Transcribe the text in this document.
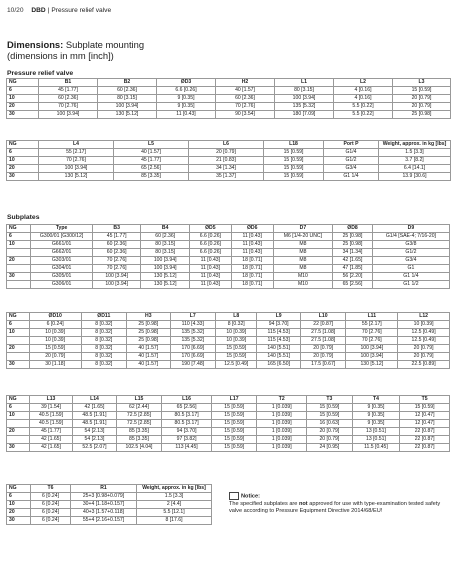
10/20 DBD | Pressure relief valve
Dimensions: Subplate mounting
(dimensions in mm [inch])
Pressure relief valve
NG	B1	B2	ØD3	H2	L1	L2	L3
6	45 [1.77]	60 [2.36]	6.6 [0.26]	40 [1.57]	80 [3.15]	4 [0.16]	15 [0.59]
10	60 [2.36]	80 [3.15]	9 [0.35]	60 [2.36]	100 [3.94]	4 [0.16]	20 [0.79]
20	70 [2.76]	100 [3.94]	9 [0.35]	70 [2.76]	135 [5.32]	5.5 [0.22]	20 [0.79]
30	100 [3.94]	130 [5.12]	11 [0.43]	90 [3.54]	180 [7.09]	5.5 [0.22]	25 [0.98]
NG	L4	L5	L6	L18	Port P	Weight, approx. in kg [lbs]
6	55 [2.17]	40 [1.57]	20 [0.79]	15 [0.59]	G1/4	1.5 [3.3]
10	70 [2.76]	45 [1.77]	21 [0.83]	15 [0.59]	G1/2	3.7 [8.2]
20	100 [3.94]	65 [2.56]	34 [1.34]	15 [0.59]	G3/4	6.4 [14.1]
30	130 [5.12]	85 [3.35]	35 [1.37]	15 [0.59]	G1 1/4	13.9 [30.6]
Subplates
NG	Type	B3	B4	ØD5	ØD6	D7	ØD8	D9
6	G300/01 [G300/12]	45 [1.77]	60 [2.36]	6.6 [0.26]	11 [0.43]	M6 [1/4-20 UNC]	25 [0.98]	G1/4 [SAE-4; 7/16-20]
10	G661/01	60 [2.36]	80 [3.15]	6.6 [0.26]	11 [0.43]	M8	25 [0.98]	G3/8
	G662/01	60 [2.36]	80 [3.15]	6.6 [0.26]	11 [0.43]	M8	34 [1.34]	G1/2
20	G303/01	70 [2.76]	100 [3.94]	11 [0.43]	18 [0.71]	M8	42 [1.65]	G3/4
	G304/01	70 [2.76]	100 [3.94]	11 [0.43]	18 [0.71]	M8	47 [1.85]	G1
30	G305/01	100 [3.94]	130 [5.12]	11 [0.43]	18 [0.71]	M10	56 [2.20]	G1 1/4
	G306/01	100 [3.94]	130 [5.12]	11 [0.43]	18 [0.71]	M10	65 [2.56]	G1 1/2
NG	ØD10	ØD11	H3	L7	L8	L9	L10	L11	L12
6	6 [0.24]	8 [0.32]	25 [0.98]	110 [4.33]	8 [0.32]	94 [3.70]	22 [0.87]	55 [2.17]	10 [0.39]
10	10 [0.39]	8 [0.32]	25 [0.98]	135 [5.32]	10 [0.39]	115 [4.53]	27.5 [1.08]	70 [2.76]	12.5 [0.49]
	10 [0.39]	8 [0.32]	25 [0.98]	135 [5.32]	10 [0.39]	115 [4.53]	27.5 [1.08]	70 [2.76]	12.5 [0.49]
20	15 [0.59]	8 [0.32]	40 [1.57]	170 [6.69]	15 [0.59]	140 [5.51]	20 [0.79]	100 [3.94]	20 [0.79]
	20 [0.79]	8 [0.32]	40 [1.57]	170 [6.69]	15 [0.59]	140 [5.51]	20 [0.79]	100 [3.94]	20 [0.79]
30	30 [1.18]	8 [0.32]	40 [1.57]	190 [7.48]	12.5 [0.49]	165 [6.50]	17.5 [0.67]	130 [5.12]	22.5 [0.89]
NG	L13	L14	L15	L16	L17	T2	T3	T4	T5
6	39 [1.54]	42 [1.65]	62 [2.44]	65 [2.56]	15 [0.59]	1 [0.039]	15 [0.59]	9 [0.35]	15 [0.59]
10	40.5 [1.59]	48.5 [1.91]	72.5 [2.85]	80.5 [3.17]	15 [0.59]	1 [0.039]	15 [0.59]	9 [0.35]	12 [0.47]
	40.5 [1.59]	48.5 [1.91]	72.5 [2.85]	80.5 [3.17]	15 [0.59]	1 [0.039]	16 [0.63]	9 [0.35]	12 [0.47]
20	45 [1.77]	54 [2.13]	85 [3.35]	94 [3.70]	15 [0.59]	1 [0.039]	20 [0.79]	13 [0.51]	22 [0.87]
	42 [1.65]	54 [2.13]	85 [3.35]	97 [3.82]	15 [0.59]	1 [0.039]	20 [0.79]	13 [0.51]	22 [0.87]
30	42 [1.65]	52.5 [2.07]	102.5 [4.04]	113 [4.45]	15 [0.59]	1 [0.039]	24 [0.95]	11.5 [0.45]	22 [0.87]
NG	T6	R1	Weight, approx. in kg [lbs]
6	6 [0.24]	25+3 [0.98+0.079]	1.5 [3.3]
10	6 [0.24]	30+4 [1.18+0.157]	2 [4.4]
20	6 [0.24]	40+3 [1.57+0.118]	5.5 [12.1]
30	6 [0.24]	55+4 [2.16+0.157]	8 [17.6]
Notice:
The specified subplates are not approved for use with type-examination tested safety valve according to Pressure Equipment Directive 2014/68/EU!
